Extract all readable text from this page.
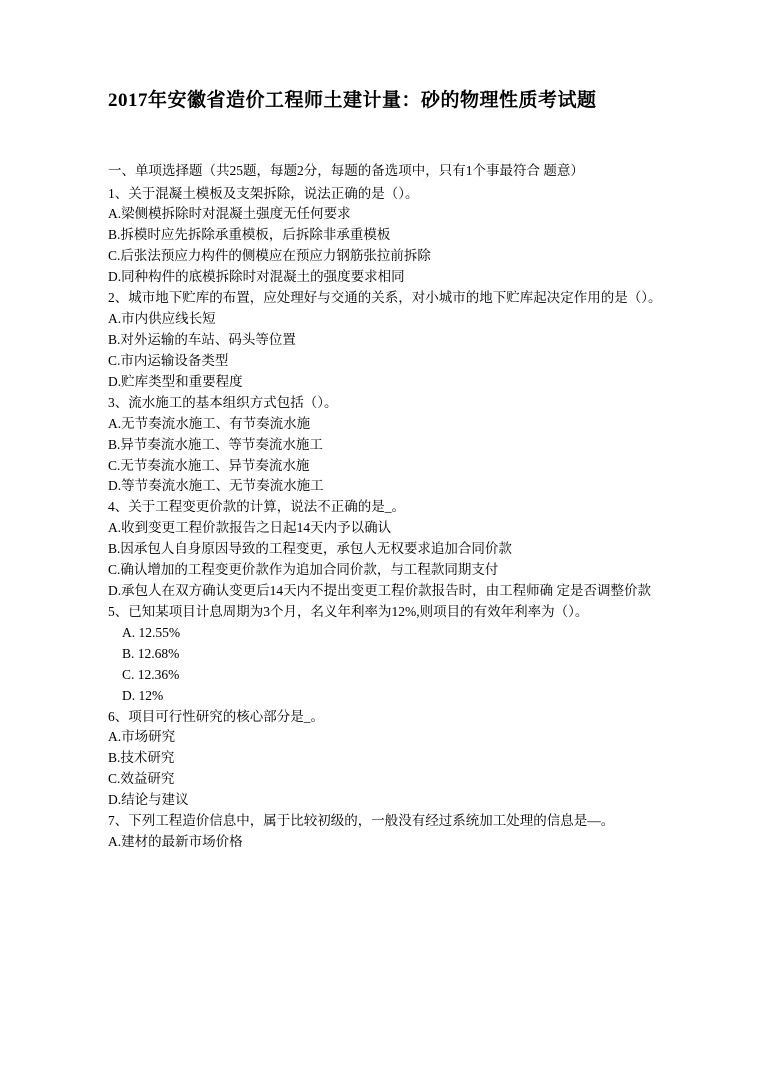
2017年安徽省造价工程师土建计量：砂的物理性质考试题

一、单项选择题（共25题，每题2分，每题的备选项中，只有1个事最符合 题意）

1、关于混凝土模板及支架拆除，说法正确的是（）。

A.梁侧模拆除时对混凝土强度无任何要求

B.拆模时应先拆除承重模板，后拆除非承重模板

C.后张法预应力构件的侧模应在预应力钢筋张拉前拆除

D.同种构件的底模拆除时对混凝土的强度要求相同

2、城市地下贮库的布置，应处理好与交通的关系，对小城市的地下贮库起决定作用的是（）。

A.市内供应线长短

B.对外运输的车站、码头等位置

C.市内运输设备类型

D.贮库类型和重要程度

3、流水施工的基本组织方式包括（）。

A.无节奏流水施工、有节奏流水施

B.异节奏流水施工、等节奏流水施工

C.无节奏流水施工、异节奏流水施

D.等节奏流水施工、无节奏流水施工

4、关于工程变更价款的计算，说法不正确的是_。

A.收到变更工程价款报告之日起14天内予以确认

B.因承包人自身原因导致的工程变更，承包人无权要求追加合同价款

C.确认增加的工程变更价款作为追加合同价款，与工程款同期支付

D.承包人在双方确认变更后14天内不提出变更工程价款报告时，由工程师确 定是否调整价款

5、已知某项目计息周期为3个月，名义年利率为12%,则项目的有效年利率为（）。

A. 12.55%

B. 12.68%

C. 12.36%

D. 12%

6、项目可行性研究的核心部分是_。

A.市场研究

B.技术研究

C.效益研究

D.结论与建议

7、下列工程造价信息中，属于比较初级的，一般没有经过系统加工处理的信息是—。

A.建材的最新市场价格
